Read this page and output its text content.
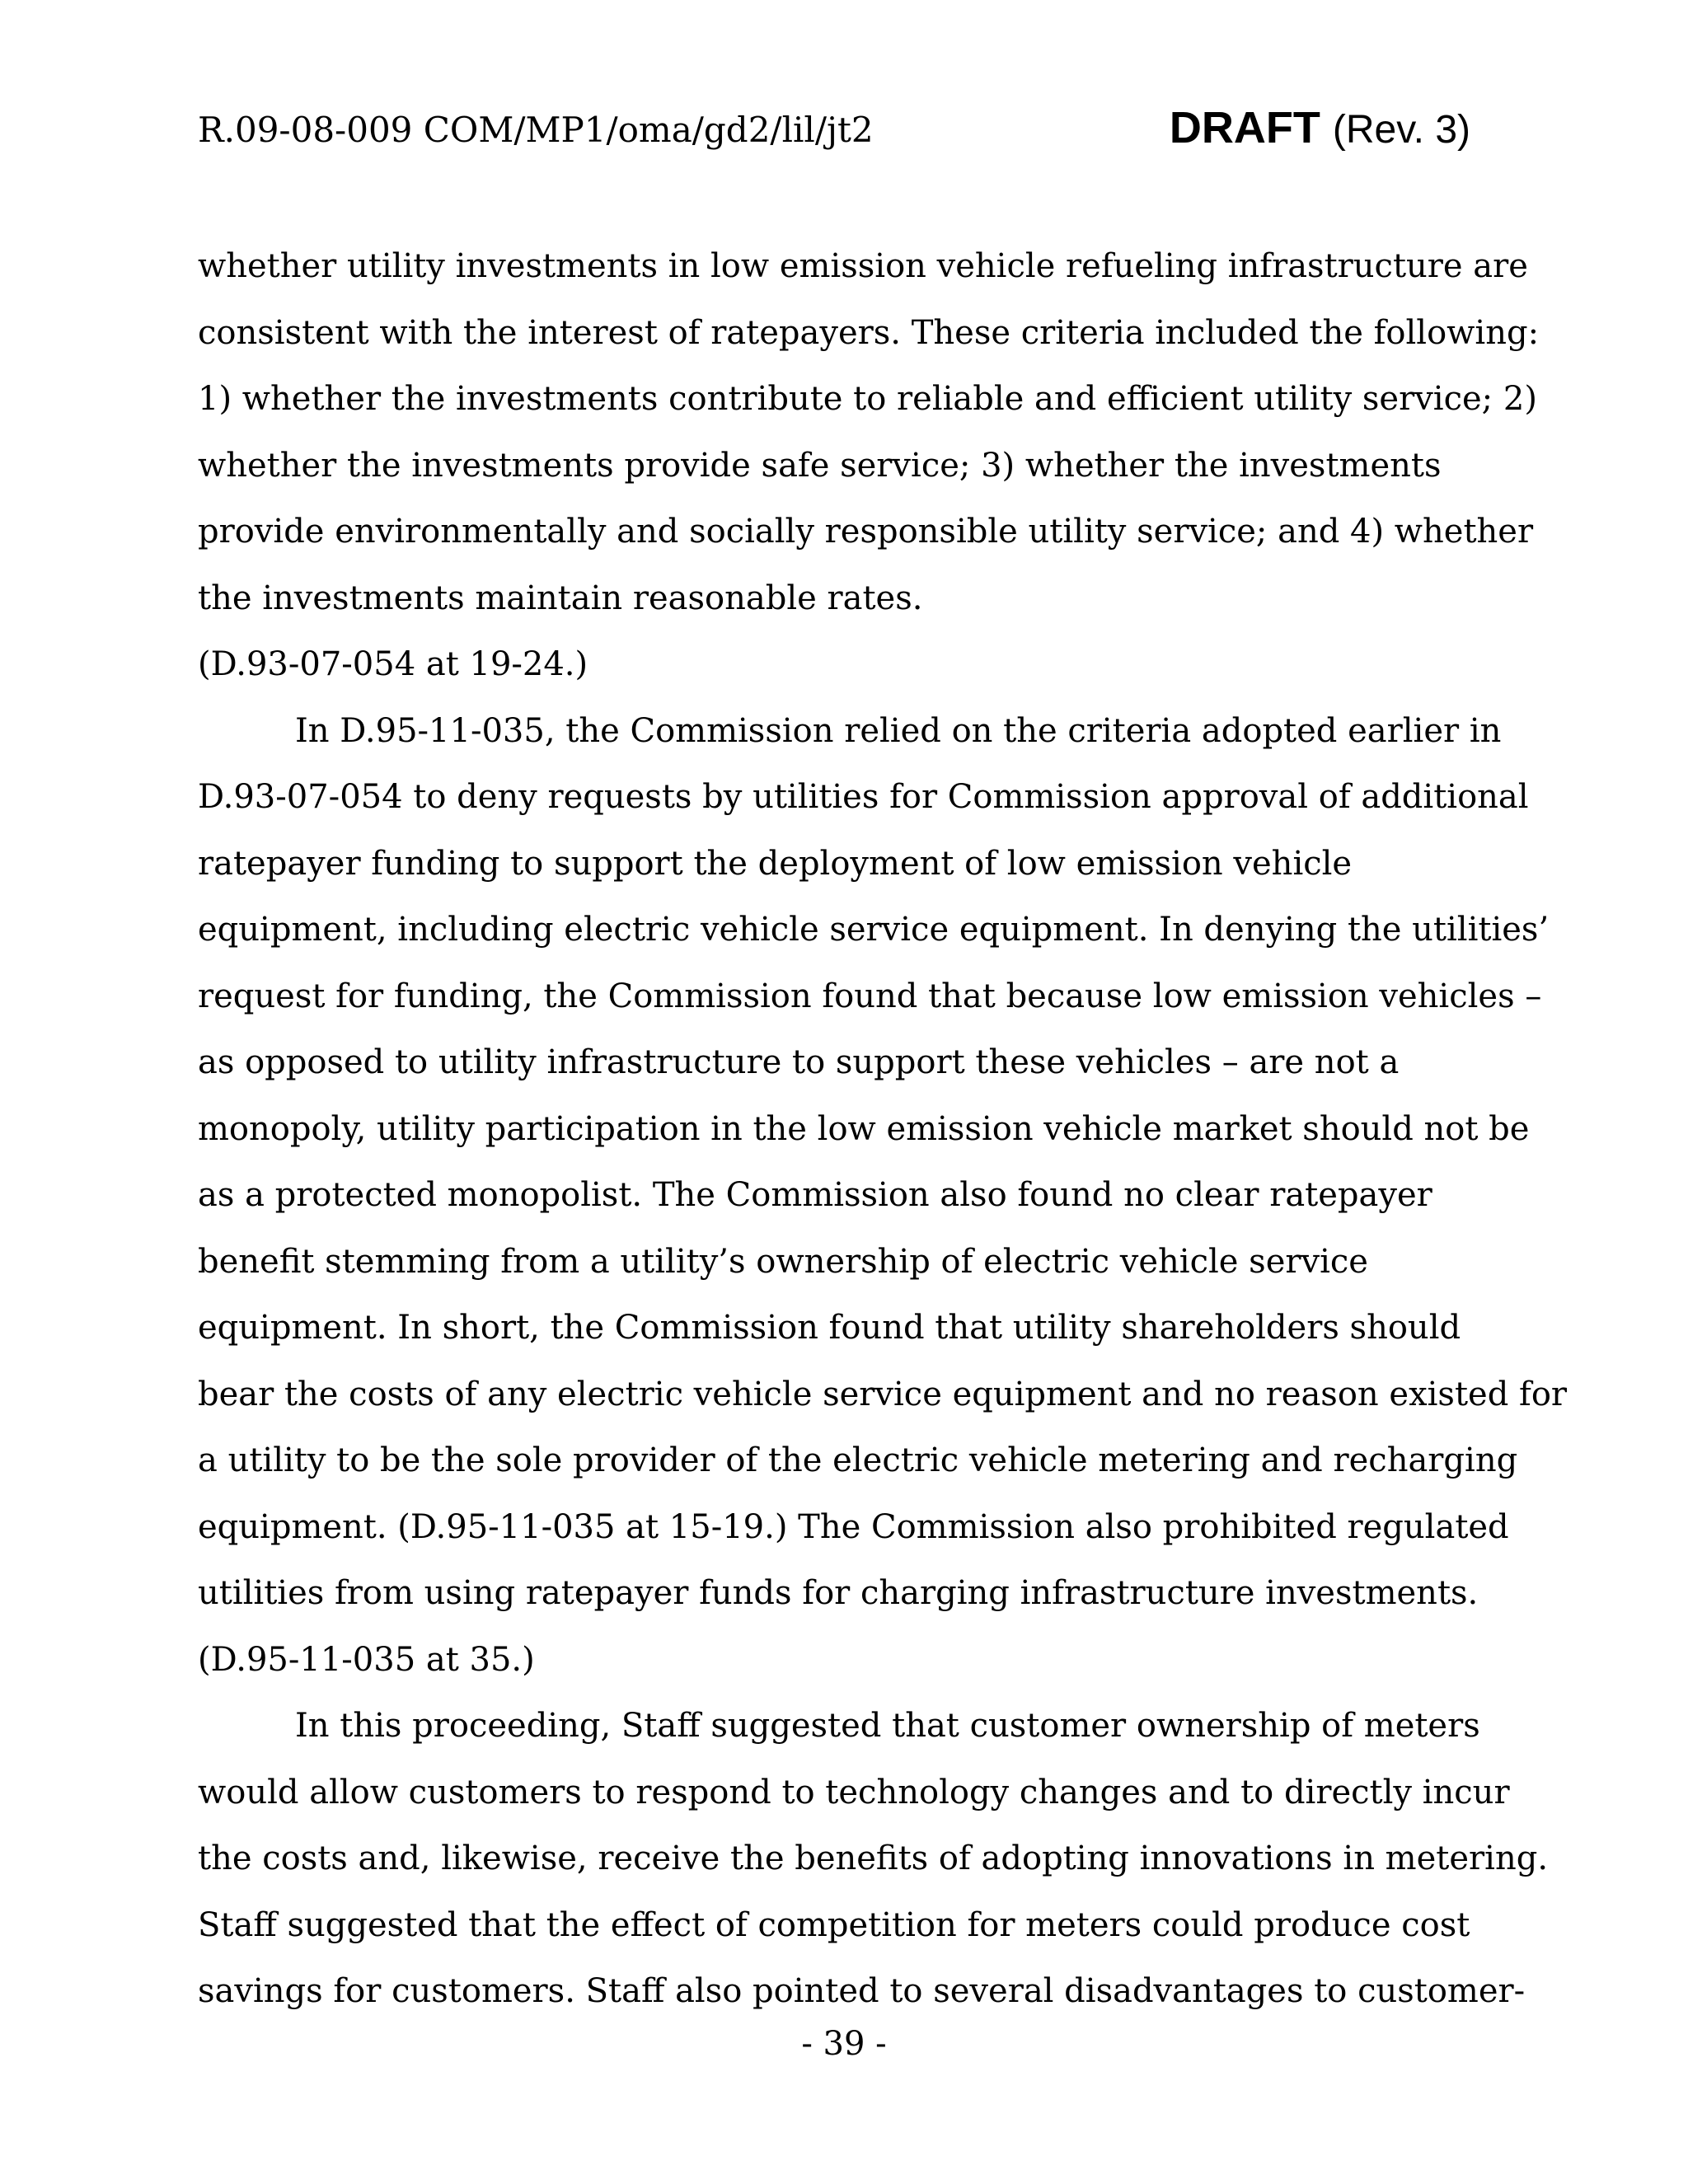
R.09-08-009 COM/MP1/oma/gd2/lil/jt2	DRAFT (Rev. 3)
whether utility investments in low emission vehicle refueling infrastructure are
consistent with the interest of ratepayers. These criteria included the following:
1) whether the investments contribute to reliable and efficient utility service; 2)
whether the investments provide safe service; 3) whether the investments
provide environmentally and socially responsible utility service; and 4) whether
the investments maintain reasonable rates.
(D.93-07-054 at 19-24.)
In D.95-11-035, the Commission relied on the criteria adopted earlier in
D.93-07-054 to deny requests by utilities for Commission approval of additional
ratepayer funding to support the deployment of low emission vehicle
equipment, including electric vehicle service equipment. In denying the utilities’
request for funding, the Commission found that because low emission vehicles –
as opposed to utility infrastructure to support these vehicles – are not a
monopoly, utility participation in the low emission vehicle market should not be
as a protected monopolist. The Commission also found no clear ratepayer
benefit stemming from a utility’s ownership of electric vehicle service
equipment. In short, the Commission found that utility shareholders should
bear the costs of any electric vehicle service equipment and no reason existed for
a utility to be the sole provider of the electric vehicle metering and recharging
equipment. (D.95-11-035 at 15-19.) The Commission also prohibited regulated
utilities from using ratepayer funds for charging infrastructure investments.
(D.95-11-035 at 35.)
In this proceeding, Staff suggested that customer ownership of meters
would allow customers to respond to technology changes and to directly incur
the costs and, likewise, receive the benefits of adopting innovations in metering.
Staff suggested that the effect of competition for meters could produce cost
savings for customers. Staff also pointed to several disadvantages to customer-
- 39 -
